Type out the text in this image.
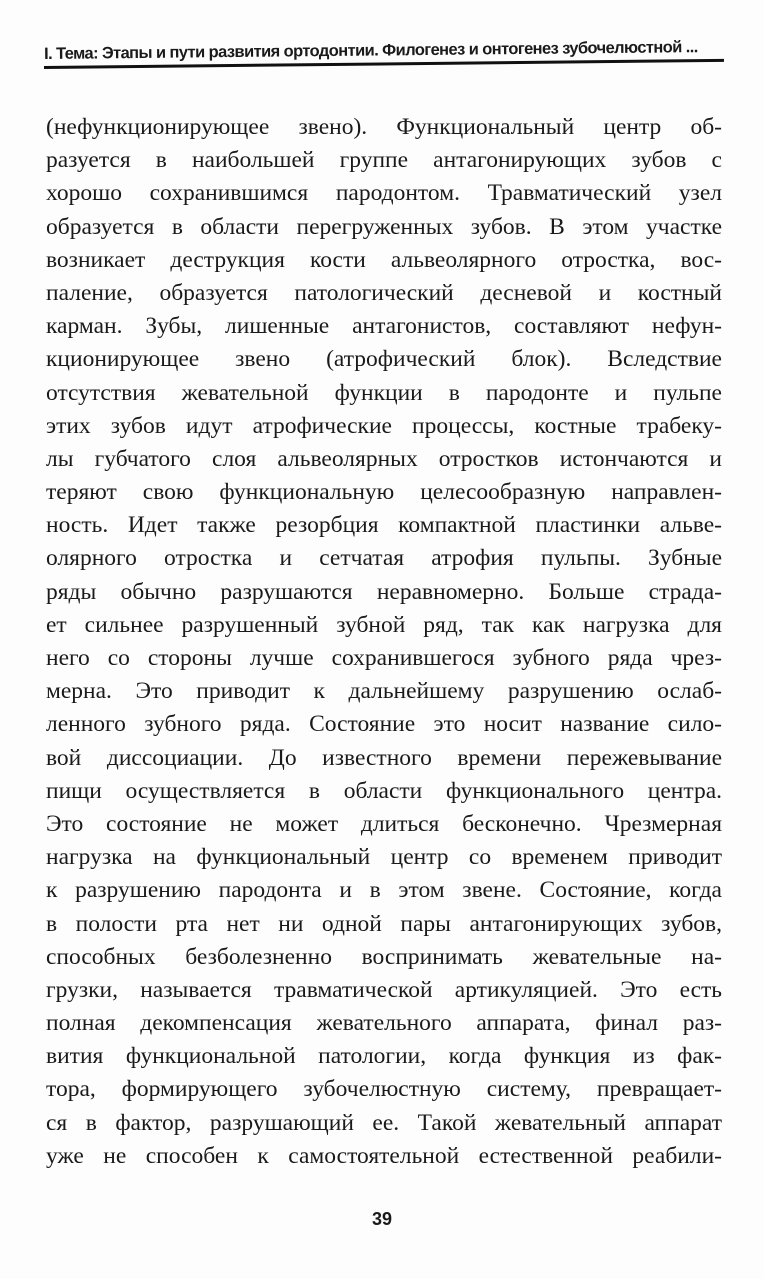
I. Тема: Этапы и пути развития ортодонтии. Филогенез и онтогенез зубочелюстной ...
(нефункционирующее звено). Функциональный центр об-
разуется в наибольшей группе антагонирующих зубов с
хорошо сохранившимся пародонтом. Травматический узел
образуется в области перегруженных зубов. В этом участке
возникает деструкция кости альвеолярного отростка, вос-
паление, образуется патологический десневой и костный
карман. Зубы, лишенные антагонистов, составляют нефун-
кционирующее звено (атрофический блок). Вследствие
отсутствия жевательной функции в пародонте и пульпе
этих зубов идут атрофические процессы, костные трабеку-
лы губчатого слоя альвеолярных отростков истончаются и
теряют свою функциональную целесообразную направлен-
ность. Идет также резорбция компактной пластинки альве-
олярного отростка и сетчатая атрофия пульпы. Зубные
ряды обычно разрушаются неравномерно. Больше страда-
ет сильнее разрушенный зубной ряд, так как нагрузка для
него со стороны лучше сохранившегося зубного ряда чрез-
мерна. Это приводит к дальнейшему разрушению ослаб-
ленного зубного ряда. Состояние это носит название сило-
вой диссоциации. До известного времени пережевывание
пищи осуществляется в области функционального центра.
Это состояние не может длиться бесконечно. Чрезмерная
нагрузка на функциональный центр со временем приводит
к разрушению пародонта и в этом звене. Состояние, когда
в полости рта нет ни одной пары антагонирующих зубов,
способных безболезненно воспринимать жевательные на-
грузки, называется травматической артикуляцией. Это есть
полная декомпенсация жевательного аппарата, финал раз-
вития функциональной патологии, когда функция из фак-
тора, формирующего зубочелюстную систему, превращает-
ся в фактор, разрушающий ее. Такой жевательный аппарат
уже не способен к самостоятельной естественной реабили-
39
